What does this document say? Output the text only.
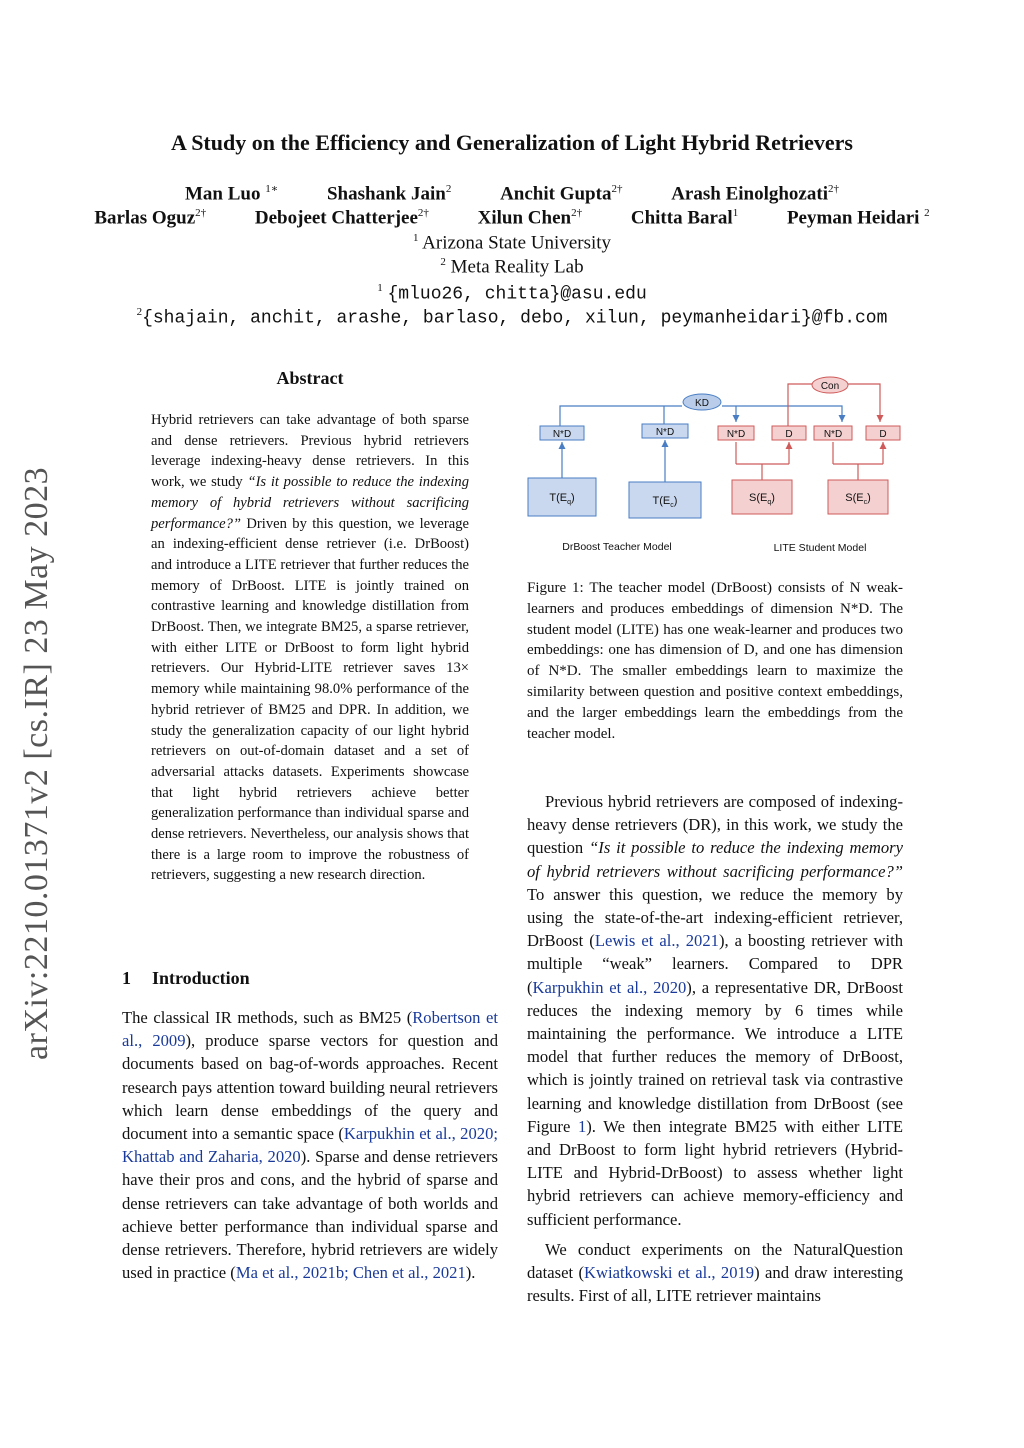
A Study on the Efficiency and Generalization of Light Hybrid Retrievers
Man Luo $^{1∗}$	Shashank Jain$^2$	Anchit Gupta$^{2\dagger}$	Arash Einolghozati$^{2\dagger}$
Barlas Oguz$^{2\dagger}$	Debojeet Chatterjee$^{2\dagger}$	Xilun Chen$^{2\dagger}$	Chitta Baral$^1$	Peyman Heidari $^2$
$^1$ Arizona State University
$^2$ Meta Reality Lab
$^1$ {mluo26, chitta}@asu.edu
$^2${shajain, anchit, arashe, barlaso, debo, xilun, peymanheidari}@fb.com
arXiv:2210.01371v2 [cs.IR] 23 May 2023
Abstract
Hybrid retrievers can take advantage of both sparse and dense retrievers. Previous hybrid retrievers leverage indexing-heavy dense retrievers. In this work, we study “Is it possible to reduce the indexing memory of hybrid retrievers without sacrificing performance?” Driven by this question, we leverage an indexing-efficient dense retriever (i.e. DrBoost) and introduce a LITE retriever that further reduces the memory of DrBoost. LITE is jointly trained on contrastive learning and knowledge distillation from DrBoost. Then, we integrate BM25, a sparse retriever, with either LITE or DrBoost to form light hybrid retrievers. Our Hybrid-LITE retriever saves 13× memory while maintaining 98.0% performance of the hybrid retriever of BM25 and DPR. In addition, we study the generalization capacity of our light hybrid retrievers on out-of-domain dataset and a set of adversarial attacks datasets. Experiments showcase that light hybrid retrievers achieve better generalization performance than individual sparse and dense retrievers. Nevertheless, our analysis shows that there is a large room to improve the robustness of retrievers, suggesting a new research direction.
1 Introduction
The classical IR methods, such as BM25 (Robertson et al., 2009), produce sparse vectors for question and documents based on bag-of-words approaches. Recent research pays attention toward building neural retrievers which learn dense embeddings of the query and document into a semantic space (Karpukhin et al., 2020; Khattab and Zaharia, 2020). Sparse and dense retrievers have their pros and cons, and the hybrid of sparse and dense retrievers can take advantage of both worlds and achieve better performance than individual sparse and dense retrievers. Therefore, hybrid retrievers are widely used in practice (Ma et al., 2021b; Chen et al., 2021).
KD
Con
N*D	N*D
$T(E_q)$	$T(E_c)$
N*D	D	N*D	D
$S(E_q)$	$S(E_c)$
DrBoost Teacher Model	LITE Student Model
Figure 1: The teacher model (DrBoost) consists of N weak-learners and produces embeddings of dimension N*D. The student model (LITE) has one weak-learner and produces two embeddings: one has dimension of D, and one has dimension of N*D. The smaller embeddings learn to maximize the similarity between question and positive context embeddings, and the larger embeddings learn the embeddings from the teacher model.

Previous hybrid retrievers are composed of indexing-heavy dense retrievers (DR), in this work, we study the question “Is it possible to reduce the indexing memory of hybrid retrievers without sacrificing performance?” To answer this question, we reduce the memory by using the state-of-the-art indexing-efficient retriever, DrBoost (Lewis et al., 2021), a boosting retriever with multiple “weak” learners. Compared to DPR (Karpukhin et al., 2020), a representative DR, DrBoost reduces the indexing memory by 6 times while maintaining the performance. We introduce a LITE model that further reduces the memory of DrBoost, which is jointly trained on retrieval task via contrastive learning and knowledge distillation from DrBoost (see Figure 1). We then integrate BM25 with either LITE and DrBoost to form light hybrid retrievers (Hybrid-LITE and Hybrid-DrBoost) to assess whether light hybrid retrievers can achieve memory-efficiency and sufficient performance.

We conduct experiments on the NaturalQuestion dataset (Kwiatkowski et al., 2019) and draw interesting results. First of all, LITE retriever maintains
